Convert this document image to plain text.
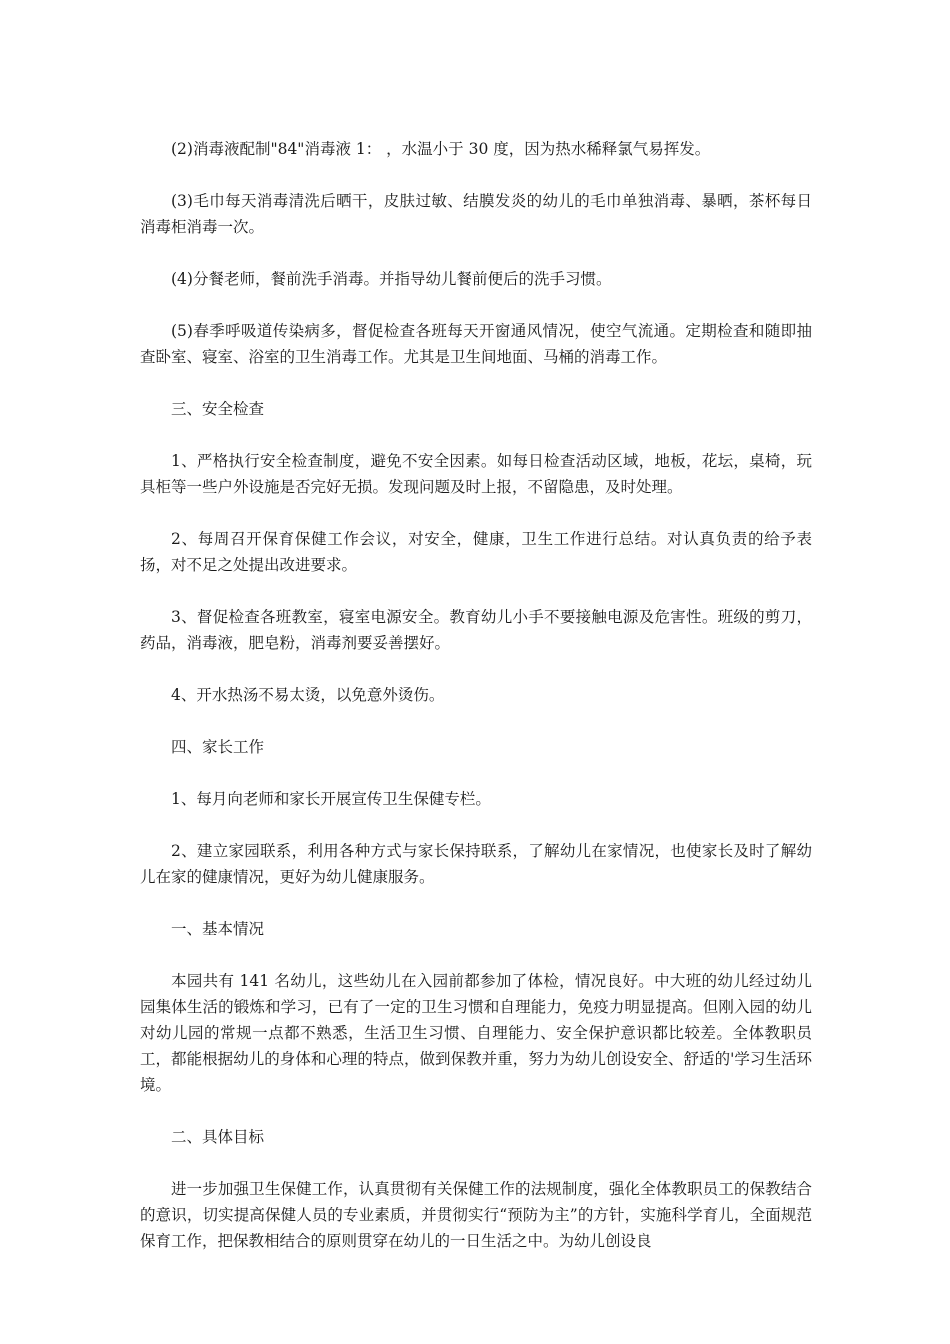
(2)消毒液配制"84"消毒液 1： ，水温小于 30 度，因为热水稀释氯气易挥发。

(3)毛巾每天消毒清洗后晒干，皮肤过敏、结膜发炎的幼儿的毛巾单独消毒、暴晒，茶杯每日消毒柜消毒一次。

(4)分餐老师，餐前洗手消毒。并指导幼儿餐前便后的洗手习惯。

(5)春季呼吸道传染病多，督促检查各班每天开窗通风情况，使空气流通。定期检查和随即抽查卧室、寝室、浴室的卫生消毒工作。尤其是卫生间地面、马桶的消毒工作。

三、安全检查

1、严格执行安全检查制度，避免不安全因素。如每日检查活动区域，地板，花坛，桌椅，玩具柜等一些户外设施是否完好无损。发现问题及时上报，不留隐患，及时处理。

2、每周召开保育保健工作会议，对安全，健康，卫生工作进行总结。对认真负责的给予表扬，对不足之处提出改进要求。

3、督促检查各班教室，寝室电源安全。教育幼儿小手不要接触电源及危害性。班级的剪刀，药品，消毒液，肥皂粉，消毒剂要妥善摆好。

4、开水热汤不易太烫，以免意外烫伤。

四、家长工作

1、每月向老师和家长开展宣传卫生保健专栏。

2、建立家园联系，利用各种方式与家长保持联系，了解幼儿在家情况，也使家长及时了解幼儿在家的健康情况，更好为幼儿健康服务。

一、基本情况

本园共有 141 名幼儿，这些幼儿在入园前都参加了体检，情况良好。中大班的幼儿经过幼儿园集体生活的锻炼和学习，已有了一定的卫生习惯和自理能力，免疫力明显提高。但刚入园的幼儿对幼儿园的常规一点都不熟悉，生活卫生习惯、自理能力、安全保护意识都比较差。全体教职员工，都能根据幼儿的身体和心理的特点，做到保教并重，努力为幼儿创设安全、舒适的'学习生活环境。

二、具体目标

进一步加强卫生保健工作，认真贯彻有关保健工作的法规制度，强化全体教职员工的保教结合的意识，切实提高保健人员的专业素质，并贯彻实行“预防为主”的方针，实施科学育儿，全面规范保育工作，把保教相结合的原则贯穿在幼儿的一日生活之中。为幼儿创设良
